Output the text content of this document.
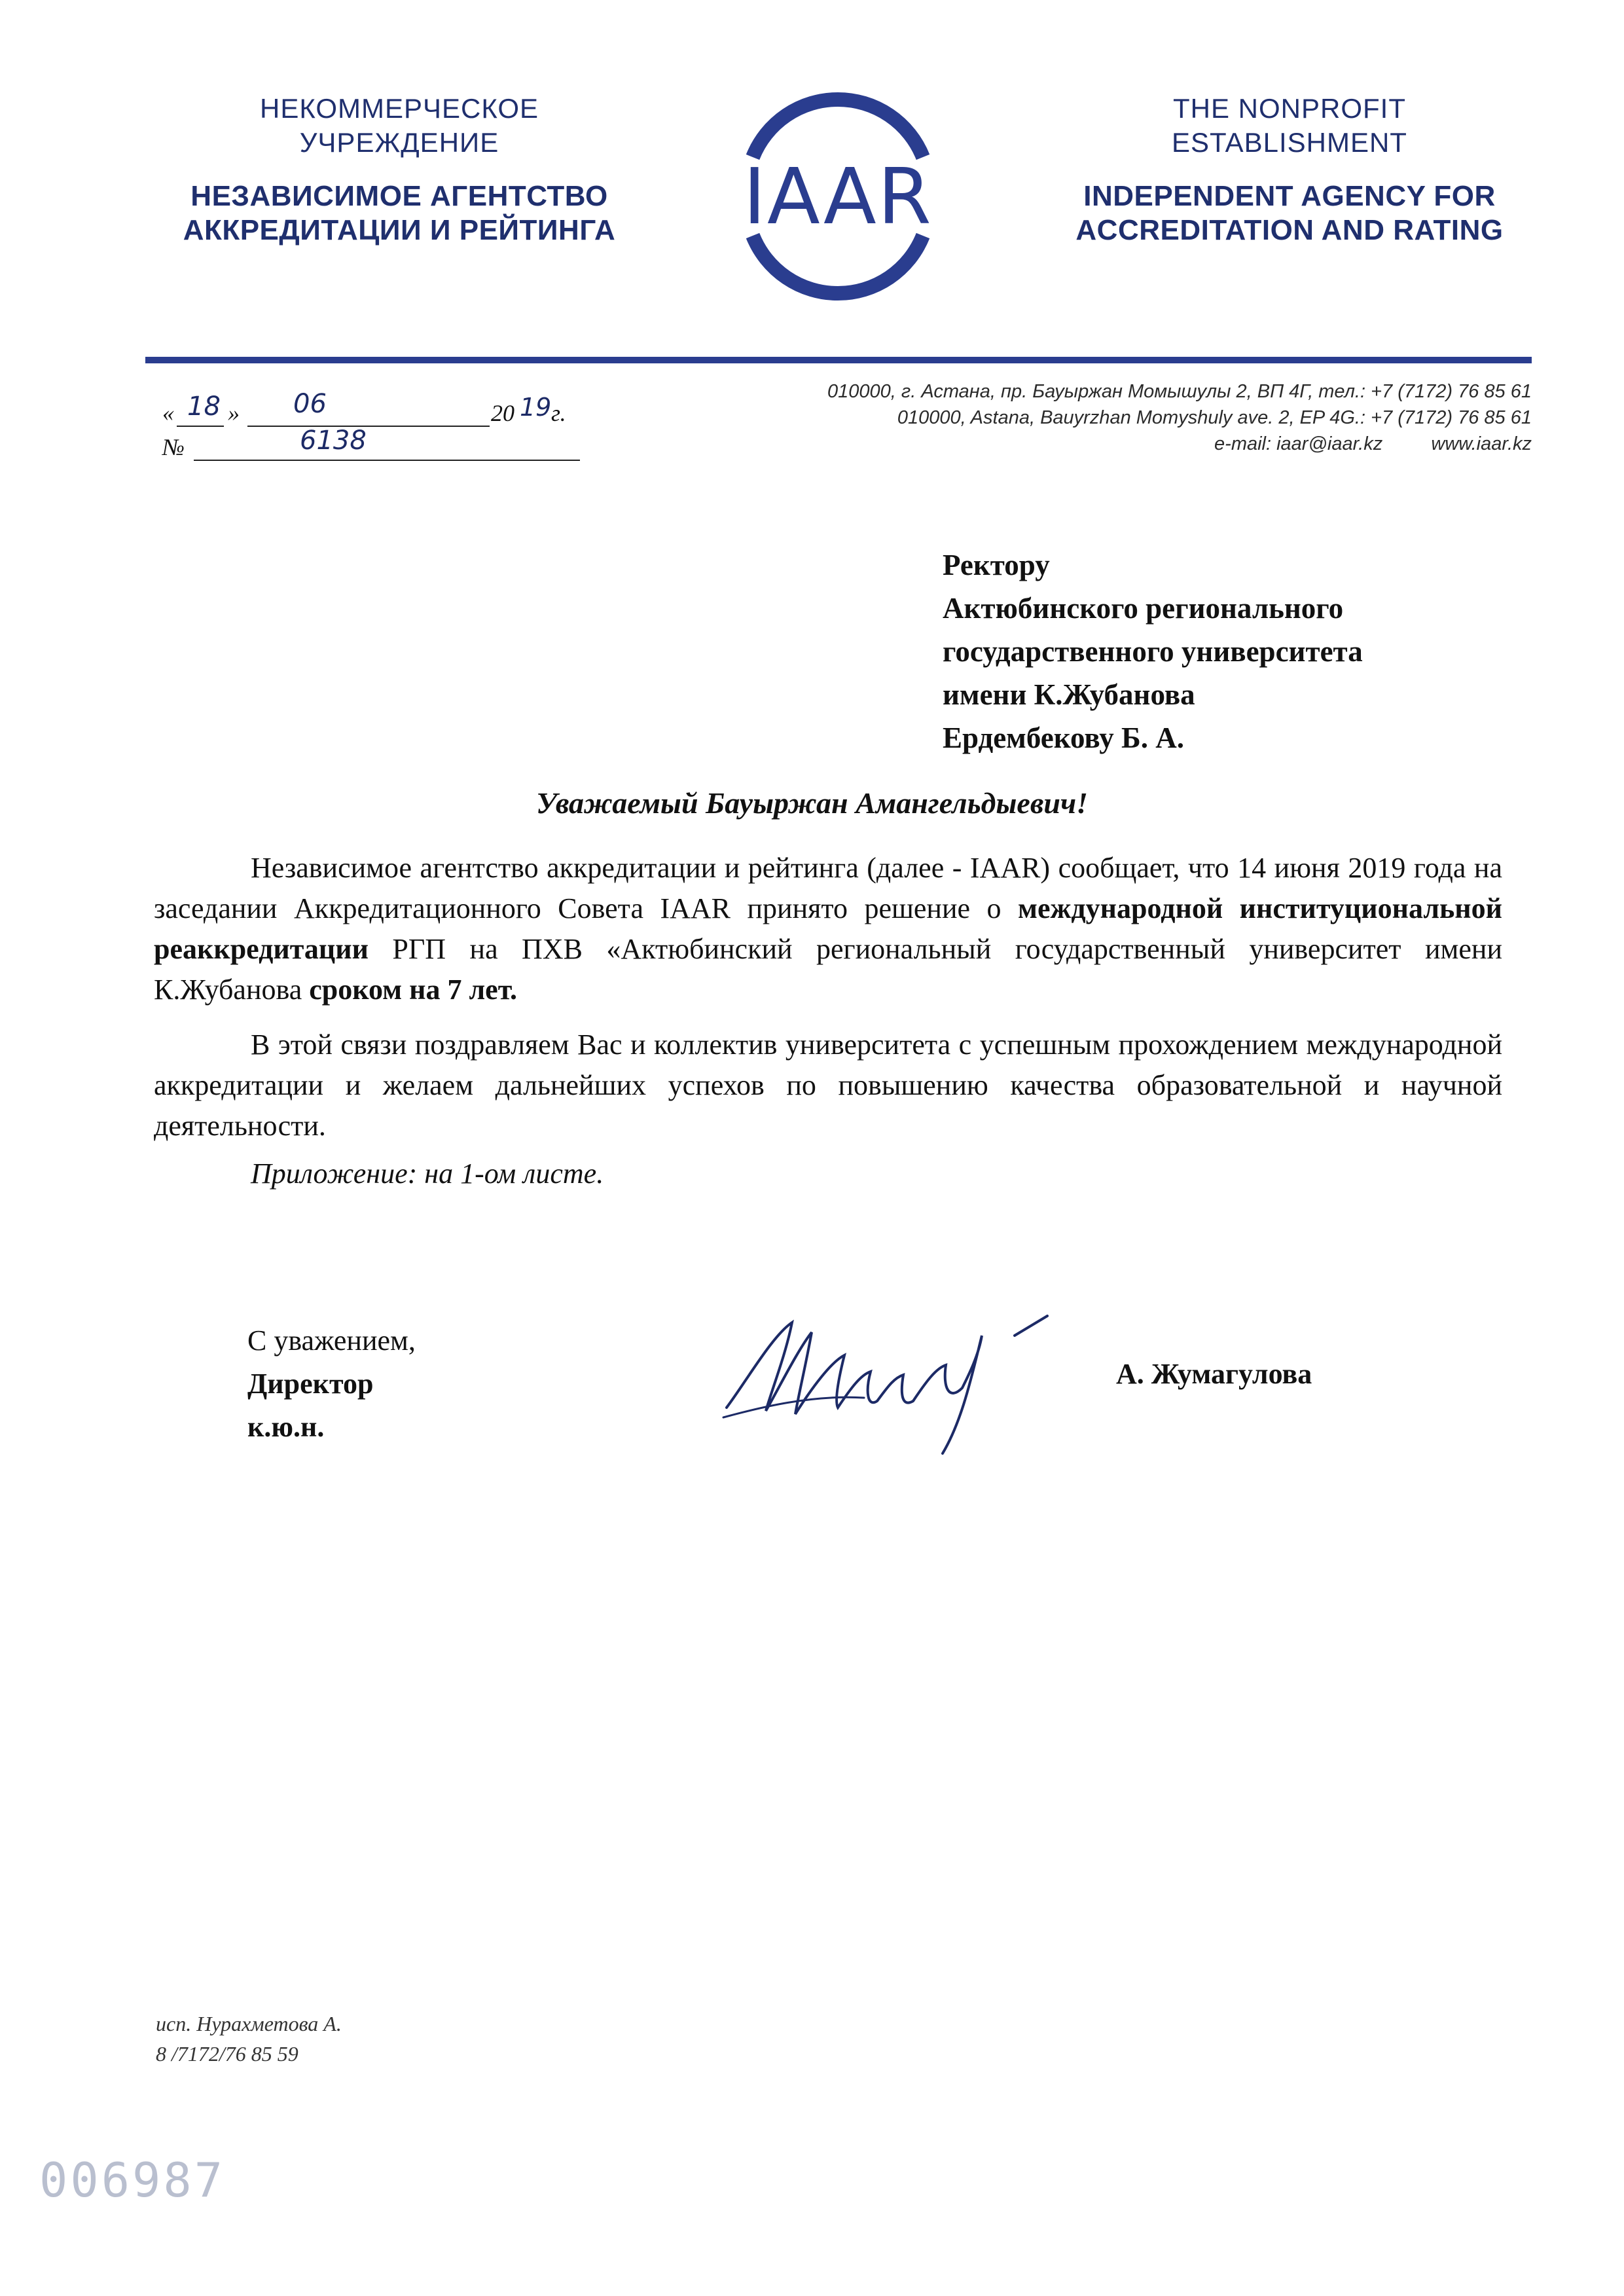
НЕКОММЕРЧЕСКОЕ
УЧРЕЖДЕНИЕ
НЕЗАВИСИМОЕ АГЕНТСТВО
АККРЕДИТАЦИИ И РЕЙТИНГА	IAAR
THE NONPROFIT
ESTABLISHMENT
INDEPENDENT AGENCY FOR
ACCREDITATION AND RATING
« 18 » 06	20 19 г.
№	6138
010000, г. Астана, пр. Бауыржан Момышулы 2, ВП 4Г, тел.: +7 (7172) 76 85 61
010000, Astana, Bauyrzhan Momyshuly ave. 2, EP 4G.: +7 (7172) 76 85 61
e-mail: iaar@iaar.kz	www.iaar.kz
Ректору
Актюбинского регионального
государственного университета
имени К.Жубанова
Ердембекову Б. А.
Уважаемый Бауыржан Амангельдыевич!
Независимое агентство аккредитации и рейтинга (далее - IAAR) сообщает, что 14 июня 2019 года на заседании Аккредитационного Совета IAAR принято решение о международной институциональной реаккредитации РГП на ПХВ «Актюбинский региональный государственный университет имени К.Жубанова сроком на 7 лет.
В этой связи поздравляем Вас и коллектив университета с успешным прохождением международной аккредитации и желаем дальнейших успехов по повышению качества образовательной и научной деятельности.
Приложение: на 1-ом листе.
С уважением,
Директор
к.ю.н.
А. Жумагулова
исп. Нурахметова А.
8 /7172/76 85 59
006987
